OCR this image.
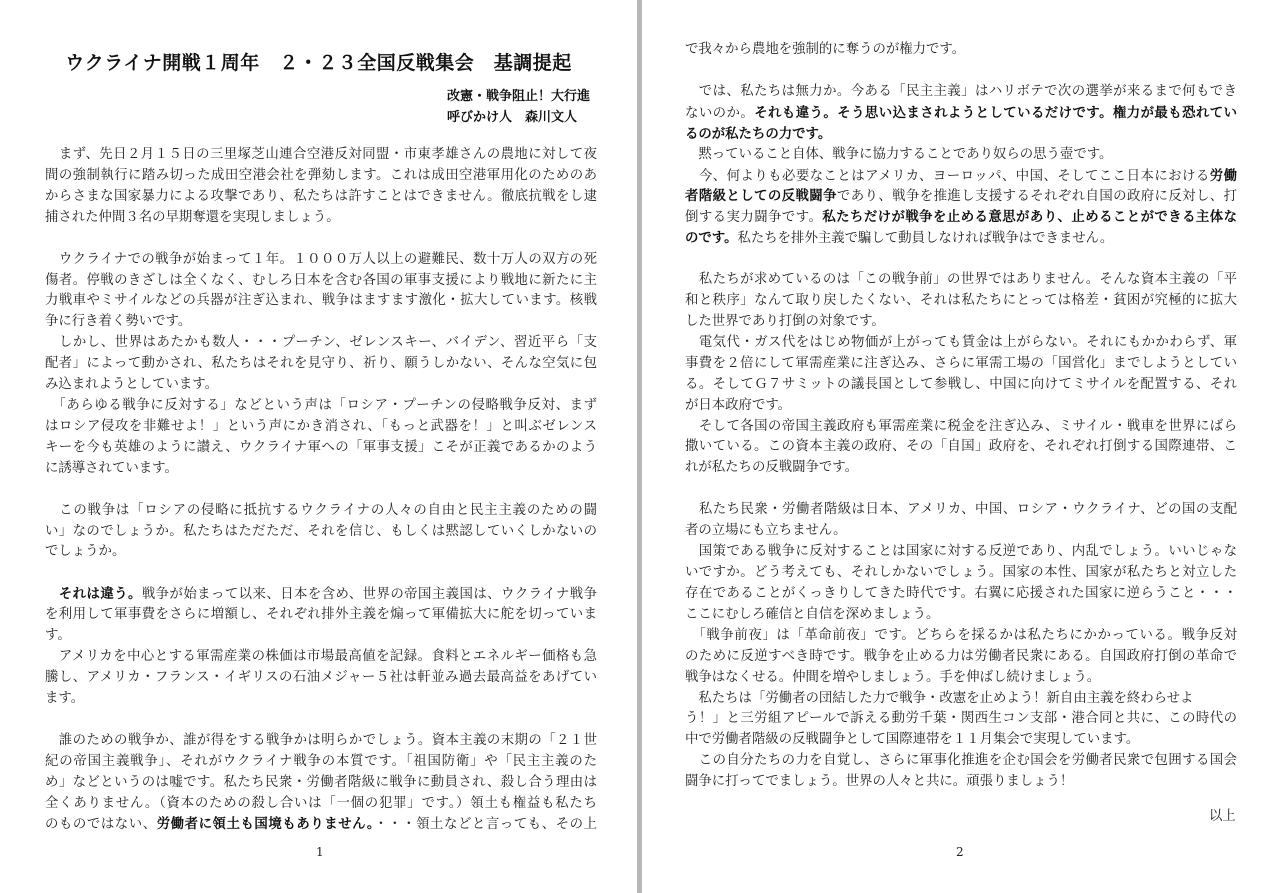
ウクライナ開戦１周年　２・２３全国反戦集会　基調提起
改憲・戦争阻止！大行進
呼びかけ人　森川文人
　まず、先日２月１５日の三里塚芝山連合空港反対同盟・市東孝雄さんの農地に対して夜
間の強制執行に踏み切った成田空港会社を弾劾します。これは成田空港軍用化のためのあ
からさまな国家暴力による攻撃であり、私たちは許すことはできません。徹底抗戦をし逮
捕された仲間３名の早期奪還を実現しましょう。
　ウクライナでの戦争が始まって１年。１０００万人以上の避難民、数十万人の双方の死
傷者。停戦のきざしは全くなく、むしろ日本を含む各国の軍事支援により戦地に新たに主
力戦車やミサイルなどの兵器が注ぎ込まれ、戦争はますます激化・拡大しています。核戦
争に行き着く勢いです。
　しかし、世界はあたかも数人・・・プーチン、ゼレンスキー、バイデン、習近平ら「支
配者」によって動かされ、私たちはそれを見守り、祈り、願うしかない、そんな空気に包
み込まれようとしています。
　「あらゆる戦争に反対する」などという声は「ロシア・プーチンの侵略戦争反対、まず
はロシア侵攻を非難せよ！」という声にかき消され、「もっと武器を！」と叫ぶゼレンス
キーを今も英雄のように讃え、ウクライナ軍への「軍事支援」こそが正義であるかのよう
に誘導されています。
　この戦争は「ロシアの侵略に抵抗するウクライナの人々の自由と民主主義のための闘
い」なのでしょうか。私たちはただただ、それを信じ、もしくは黙認していくしかないの
でしょうか。
　それは違う。戦争が始まって以来、日本を含め、世界の帝国主義国は、ウクライナ戦争
を利用して軍事費をさらに増額し、それぞれ排外主義を煽って軍備拡大に舵を切っていま
す。
　アメリカを中心とする軍需産業の株価は市場最高値を記録。食料とエネルギー価格も急
騰し、アメリカ・フランス・イギリスの石油メジャー５社は軒並み過去最高益をあげてい
ます。
　誰のための戦争か、誰が得をする戦争かは明らかでしょう。資本主義の末期の「２１世
紀の帝国主義戦争」、それがウクライナ戦争の本質です。「祖国防衛」や「民主主義のた
め」などというのは嘘です。私たち民衆・労働者階級に戦争に動員され、殺し合う理由は
全くありません。（資本のための殺し合いは「一個の犯罪」です。）領土も権益も私たち
のものではない、労働者に領土も国境もありません。・・・領土などと言っても、その上
1
で我々から農地を強制的に奪うのが権力です。
　では、私たちは無力か。今ある「民主主義」はハリボテで次の選挙が来るまで何もでき
ないのか。それも違う。そう思い込まされようとしているだけです。権力が最も恐れてい
るのが私たちの力です。
　黙っていること自体、戦争に協力することであり奴らの思う壺です。
　今、何よりも必要なことはアメリカ、ヨーロッパ、中国、そしてここ日本における労働
者階級としての反戦闘争であり、戦争を推進し支援するそれぞれ自国の政府に反対し、打
倒する実力闘争です。私たちだけが戦争を止める意思があり、止めることができる主体な
のです。私たちを排外主義で騙して動員しなければ戦争はできません。
　私たちが求めているのは「この戦争前」の世界ではありません。そんな資本主義の「平
和と秩序」なんて取り戻したくない、それは私たちにとっては格差・貧困が究極的に拡大
した世界であり打倒の対象です。
　電気代・ガス代をはじめ物価が上がっても賃金は上がらない。それにもかかわらず、軍
事費を２倍にして軍需産業に注ぎ込み、さらに軍需工場の「国営化」までしようとしてい
る。そしてＧ７サミットの議長国として参戦し、中国に向けてミサイルを配置する、それ
が日本政府です。
　そして各国の帝国主義政府も軍需産業に税金を注ぎ込み、ミサイル・戦車を世界にばら
撒いている。この資本主義の政府、その「自国」政府を、それぞれ打倒する国際連帯、こ
れが私たちの反戦闘争です。
　私たち民衆・労働者階級は日本、アメリカ、中国、ロシア・ウクライナ、どの国の支配
者の立場にも立ちません。
　国策である戦争に反対することは国家に対する反逆であり、内乱でしょう。いいじゃな
いですか。どう考えても、それしかないでしょう。国家の本性、国家が私たちと対立した
存在であることがくっきりしてきた時代です。右翼に応援された国家に逆らうこと・・・
ここにむしろ確信と自信を深めましょう。
　「戦争前夜」は「革命前夜」です。どちらを採るかは私たちにかかっている。戦争反対
のために反逆すべき時です。戦争を止める力は労働者民衆にある。自国政府打倒の革命で
戦争はなくせる。仲間を増やしましょう。手を伸ばし続けましょう。
　私たちは「労働者の団結した力で戦争・改憲を止めよう！新自由主義を終わらせよ
う！」と三労組アピールで訴える動労千葉・関西生コン支部・港合同と共に、この時代の
中で労働者階級の反戦闘争として国際連帯を１１月集会で実現しています。
　この自分たちの力を自覚し、さらに軍事化推進を企む国会を労働者民衆で包囲する国会
闘争に打ってでましょう。世界の人々と共に。頑張りましょう！
以上
2
